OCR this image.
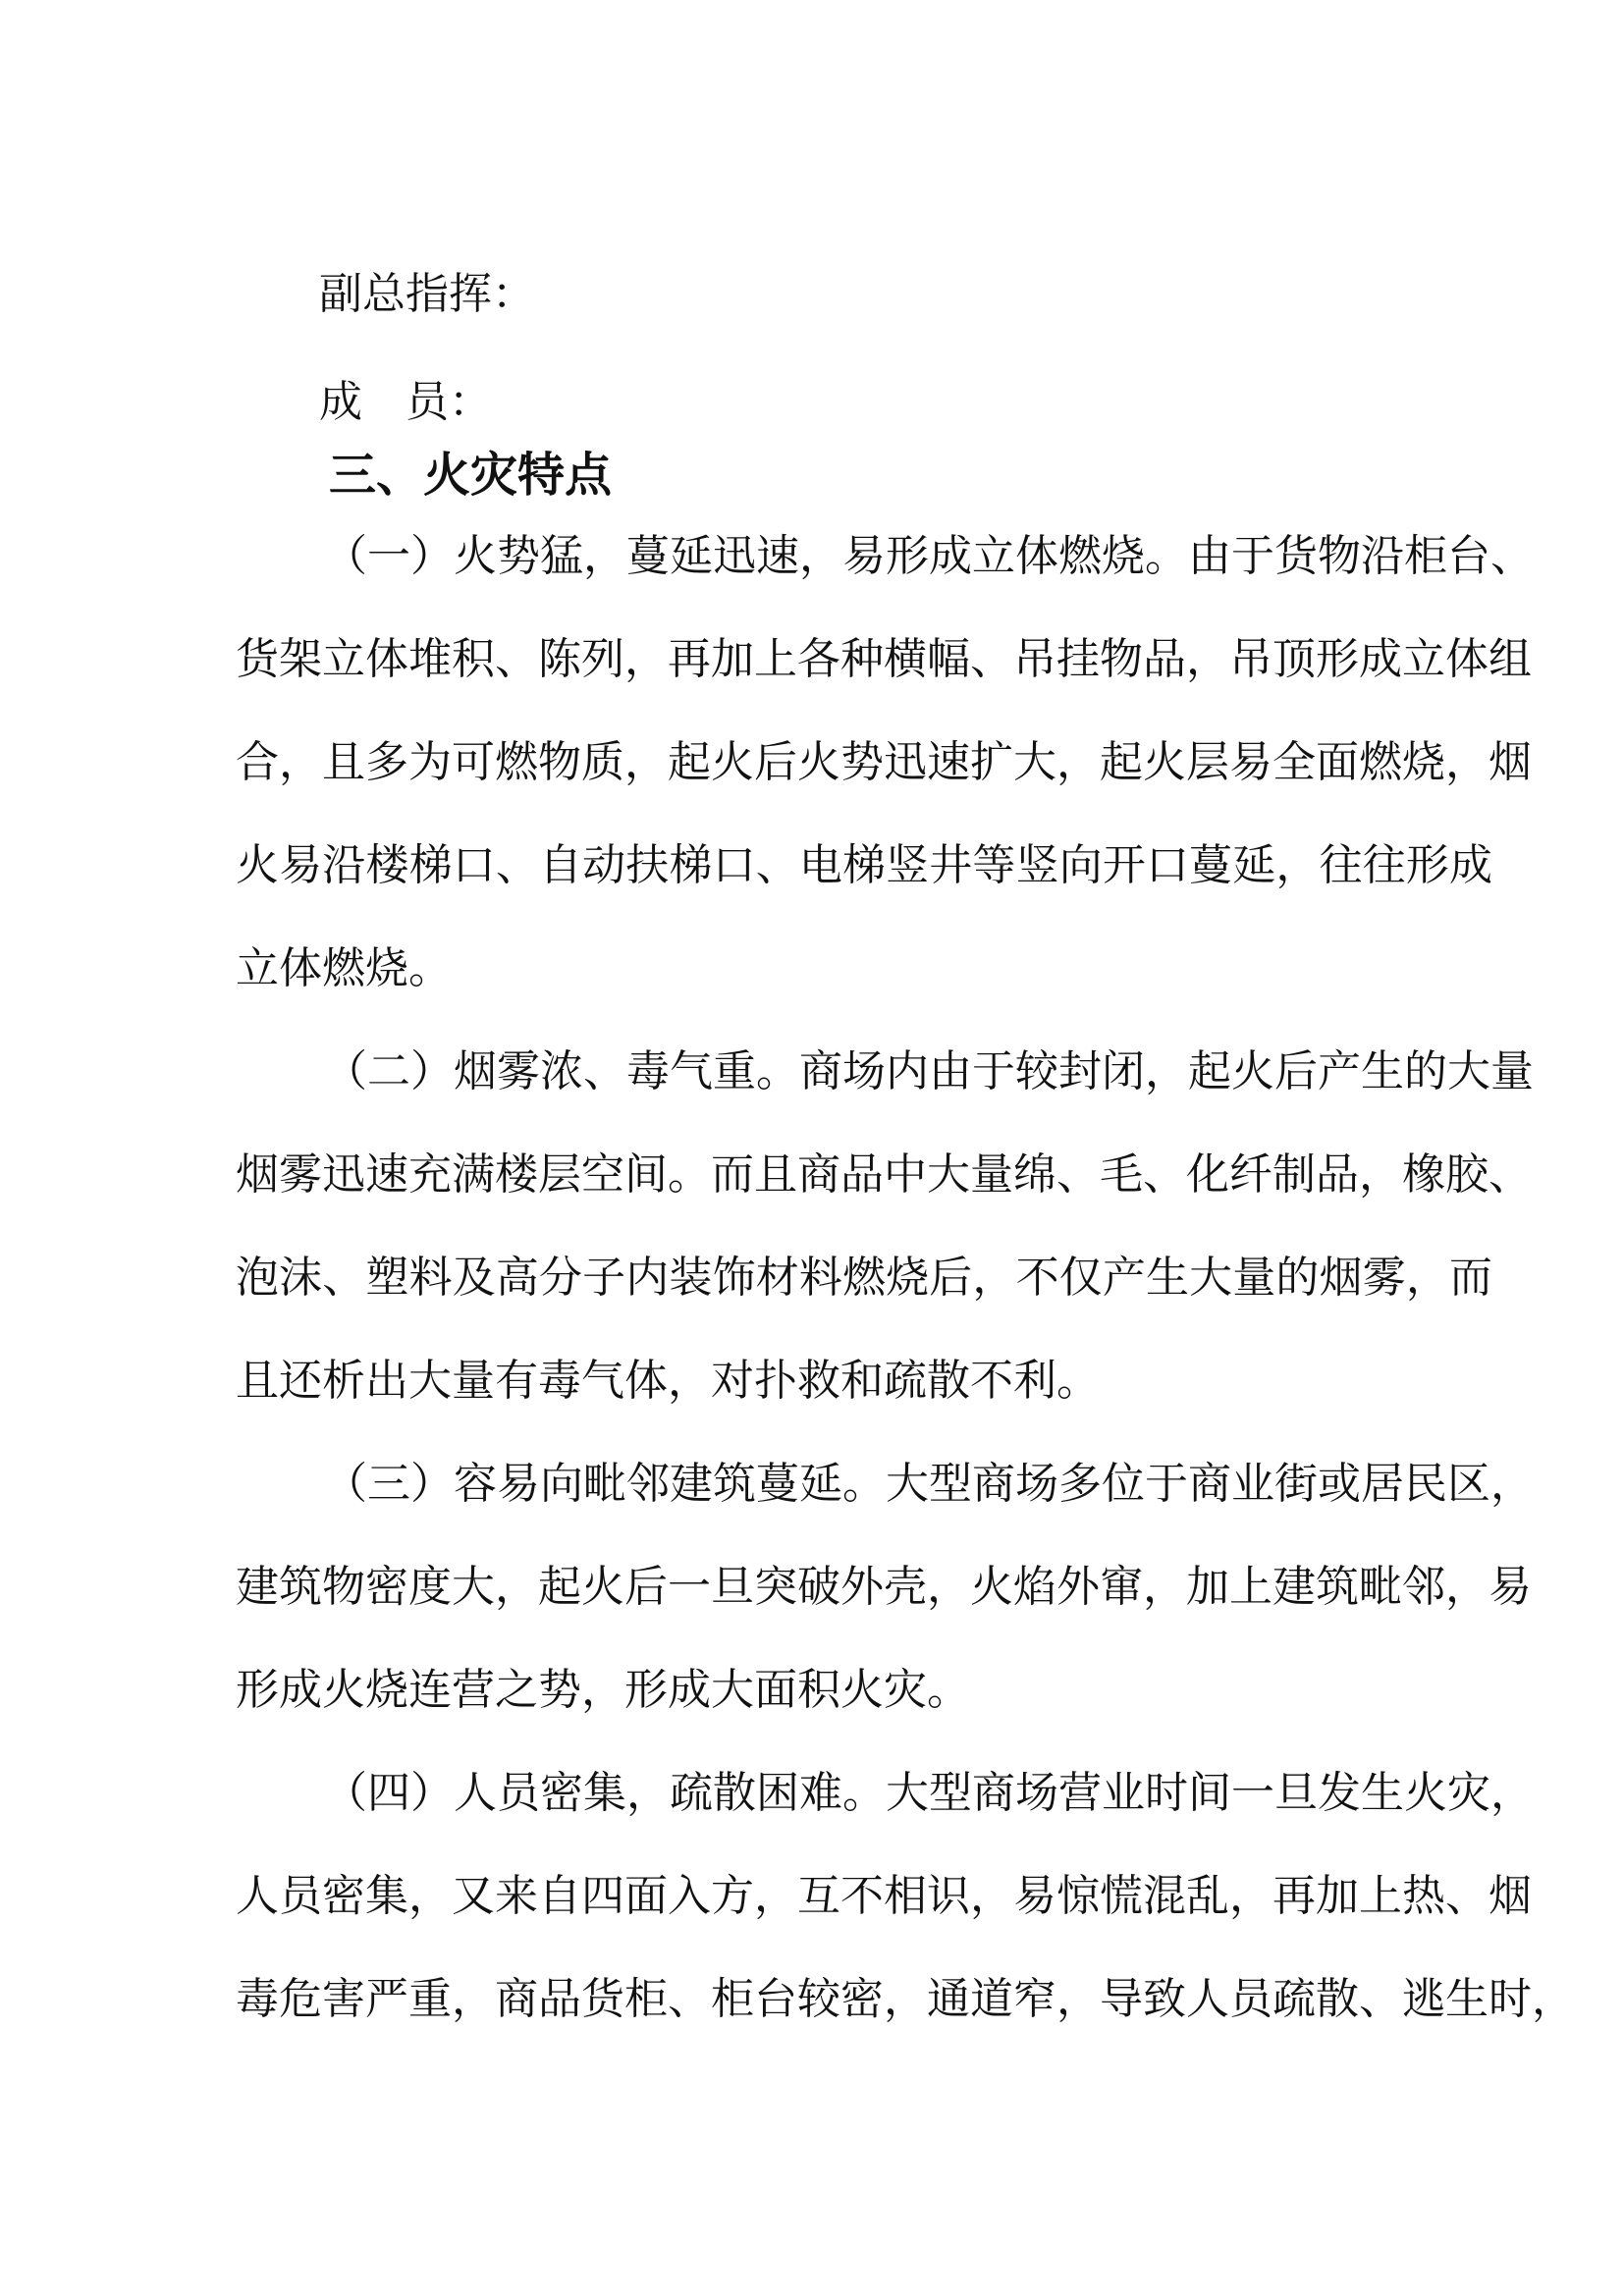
副总指挥：
成　员：
三、火灾特点
（一）火势猛，蔓延迅速，易形成立体燃烧。由于货物沿柜台、
货架立体堆积、陈列，再加上各种横幅、吊挂物品，吊顶形成立体组
合，且多为可燃物质，起火后火势迅速扩大，起火层易全面燃烧，烟
火易沿楼梯口、自动扶梯口、电梯竖井等竖向开口蔓延，往往形成
立体燃烧。
（二）烟雾浓、毒气重。商场内由于较封闭，起火后产生的大量
烟雾迅速充满楼层空间。而且商品中大量绵、毛、化纤制品，橡胶、
泡沫、塑料及高分子内装饰材料燃烧后，不仅产生大量的烟雾，而
且还析出大量有毒气体，对扑救和疏散不利。
（三）容易向毗邻建筑蔓延。大型商场多位于商业街或居民区，
建筑物密度大，起火后一旦突破外壳，火焰外窜，加上建筑毗邻，易
形成火烧连营之势，形成大面积火灾。
（四）人员密集，疏散困难。大型商场营业时间一旦发生火灾，
人员密集，又来自四面入方，互不相识，易惊慌混乱，再加上热、烟
毒危害严重，商品货柜、柜台较密，通道窄，导致人员疏散、逃生时，
